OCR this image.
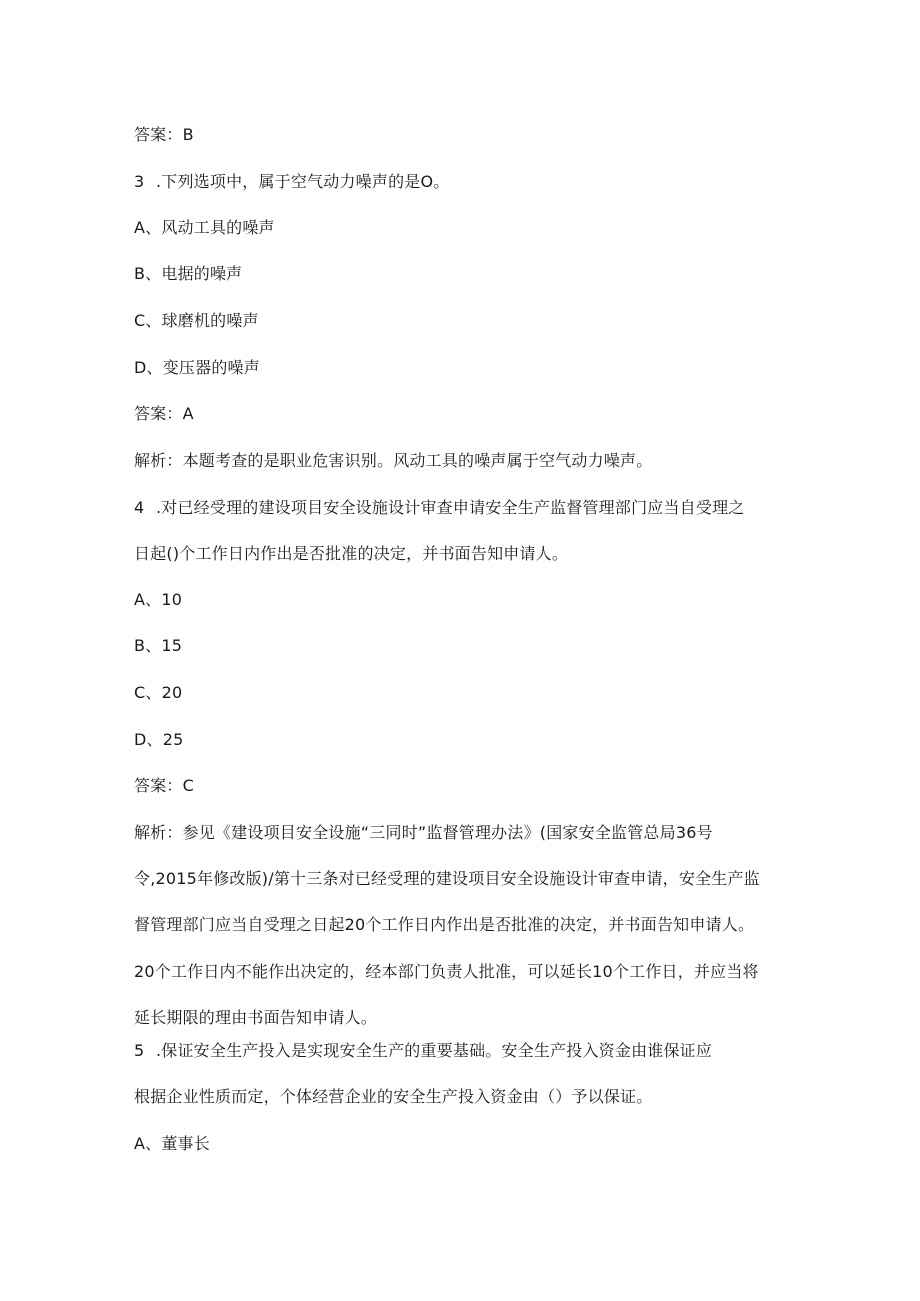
答案：B
3 .下列选项中，属于空气动力噪声的是O。
A、风动工具的噪声
B、电据的噪声
C、球磨机的噪声
D、变压器的噪声
答案：A
解析：本题考查的是职业危害识别。风动工具的噪声属于空气动力噪声。
4 .对已经受理的建设项目安全设施设计审查申请安全生产监督管理部门应当自受理之
日起()个工作日内作出是否批准的决定，并书面告知申请人。
A、10
B、15
C、20
D、25
答案：C
解析：参见《建设项目安全设施“三同时”监督管理办法》(国家安全监管总局36号
令,2015年修改版)/第十三条对已经受理的建设项目安全设施设计审查申请，安全生产监
督管理部门应当自受理之日起20个工作日内作出是否批准的决定，并书面告知申请人。
20个工作日内不能作出决定的，经本部门负责人批准，可以延长10个工作日，并应当将
延长期限的理由书面告知申请人。
5 .保证安全生产投入是实现安全生产的重要基础。安全生产投入资金由谁保证应
根据企业性质而定，个体经营企业的安全生产投入资金由（）予以保证。
A、董事长
